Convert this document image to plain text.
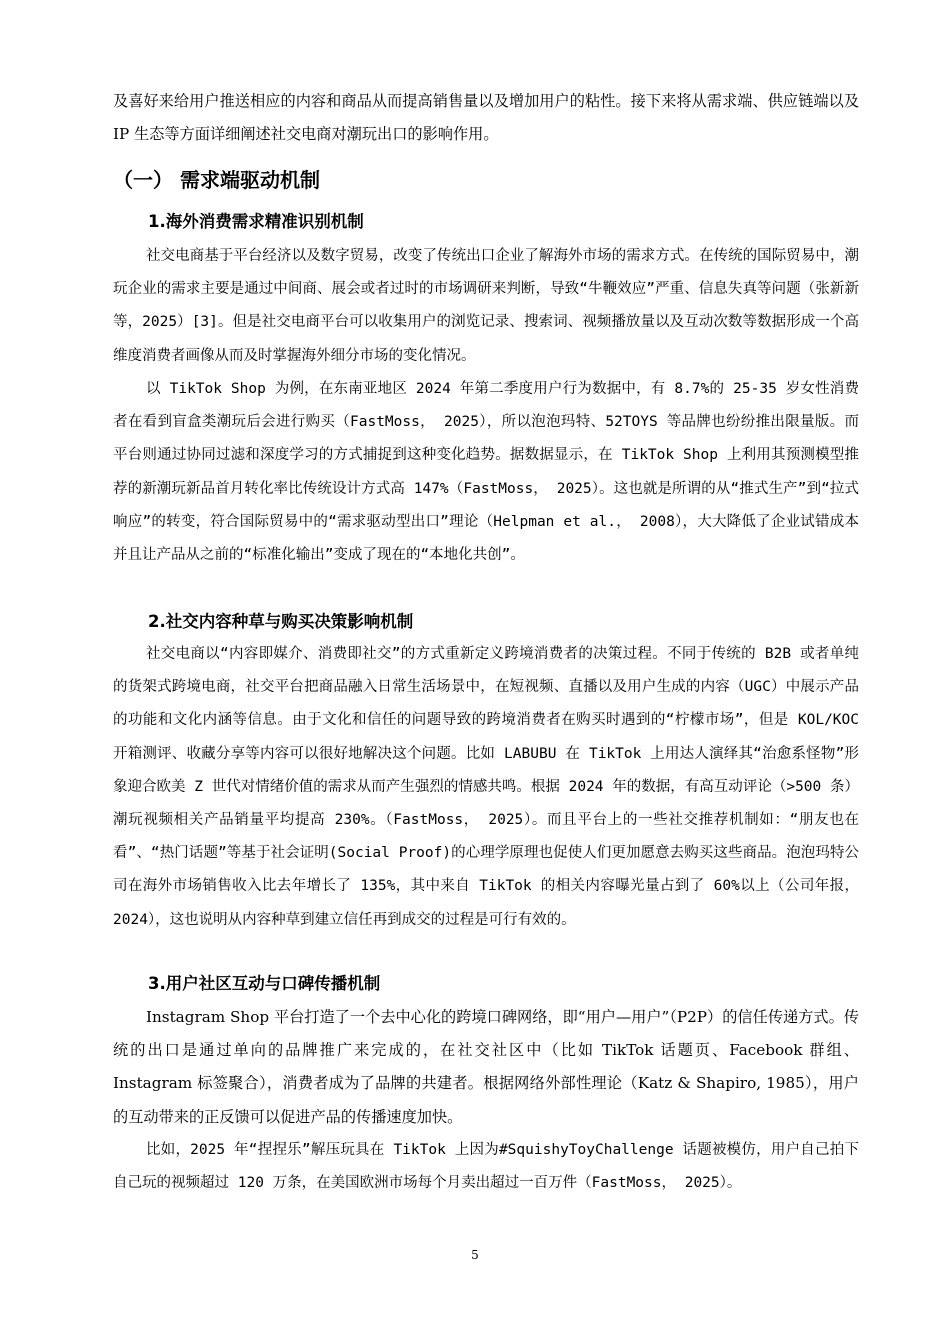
及喜好来给用户推送相应的内容和商品从而提高销售量以及增加用户的粘性。接下来将从需求端、供应链端以及 IP 生态等方面详细阐述社交电商对潮玩出口的影响作用。

（一） 需求端驱动机制
1.海外消费需求精准识别机制

社交电商基于平台经济以及数字贸易，改变了传统出口企业了解海外市场的需求方式。在传统的国际贸易中，潮玩企业的需求主要是通过中间商、展会或者过时的市场调研来判断，导致“牛鞭效应”严重、信息失真等问题（张新新等，2025）[3]。但是社交电商平台可以收集用户的浏览记录、搜索词、视频播放量以及互动次数等数据形成一个高维度消费者画像从而及时掌握海外细分市场的变化情况。

以 TikTok Shop 为例，在东南亚地区 2024 年第二季度用户行为数据中，有 8.7%的 25-35 岁女性消费者在看到盲盒类潮玩后会进行购买（FastMoss， 2025），所以泡泡玛特、52TOYS 等品牌也纷纷推出限量版。而平台则通过协同过滤和深度学习的方式捕捉到这种变化趋势。据数据显示，在 TikTok Shop 上利用其预测模型推荐的新潮玩新品首月转化率比传统设计方式高 147%（FastMoss， 2025）。这也就是所谓的从“推式生产”到“拉式响应”的转变，符合国际贸易中的“需求驱动型出口”理论（Helpman et al.， 2008），大大降低了企业试错成本并且让产品从之前的“标准化输出”变成了现在的“本地化共创”。

2.社交内容种草与购买决策影响机制

社交电商以“内容即媒介、消费即社交”的方式重新定义跨境消费者的决策过程。不同于传统的 B2B 或者单纯的货架式跨境电商，社交平台把商品融入日常生活场景中，在短视频、直播以及用户生成的内容（UGC）中展示产品的功能和文化内涵等信息。由于文化和信任的问题导致的跨境消费者在购买时遇到的“柠檬市场”，但是 KOL/KOC 开箱测评、收藏分享等内容可以很好地解决这个问题。比如 LABUBU 在 TikTok 上用达人演绎其“治愈系怪物”形象迎合欧美 Z 世代对情绪价值的需求从而产生强烈的情感共鸣。根据 2024 年的数据，有高互动评论（>500 条）潮玩视频相关产品销量平均提高 230%。（FastMoss， 2025）。而且平台上的一些社交推荐机制如：“朋友也在看”、“热门话题”等基于社会证明(Social Proof)的心理学原理也促使人们更加愿意去购买这些商品。泡泡玛特公司在海外市场销售收入比去年增长了 135%，其中来自 TikTok 的相关内容曝光量占到了 60%以上（公司年报，2024），这也说明从内容种草到建立信任再到成交的过程是可行有效的。

3.用户社区互动与口碑传播机制

Instagram Shop 平台打造了一个去中心化的跨境口碑网络，即“用户—用户”（P2P）的信任传递方式。传统的出口是通过单向的品牌推广来完成的，在社交社区中（比如 TikTok 话题页、Facebook 群组、Instagram 标签聚合），消费者成为了品牌的共建者。根据网络外部性理论（Katz & Shapiro, 1985），用户的互动带来的正反馈可以促进产品的传播速度加快。

比如，2025 年“捏捏乐”解压玩具在 TikTok 上因为#SquishyToyChallenge 话题被模仿，用户自己拍下自己玩的视频超过 120 万条，在美国欧洲市场每个月卖出超过一百万件（FastMoss， 2025）。

5
